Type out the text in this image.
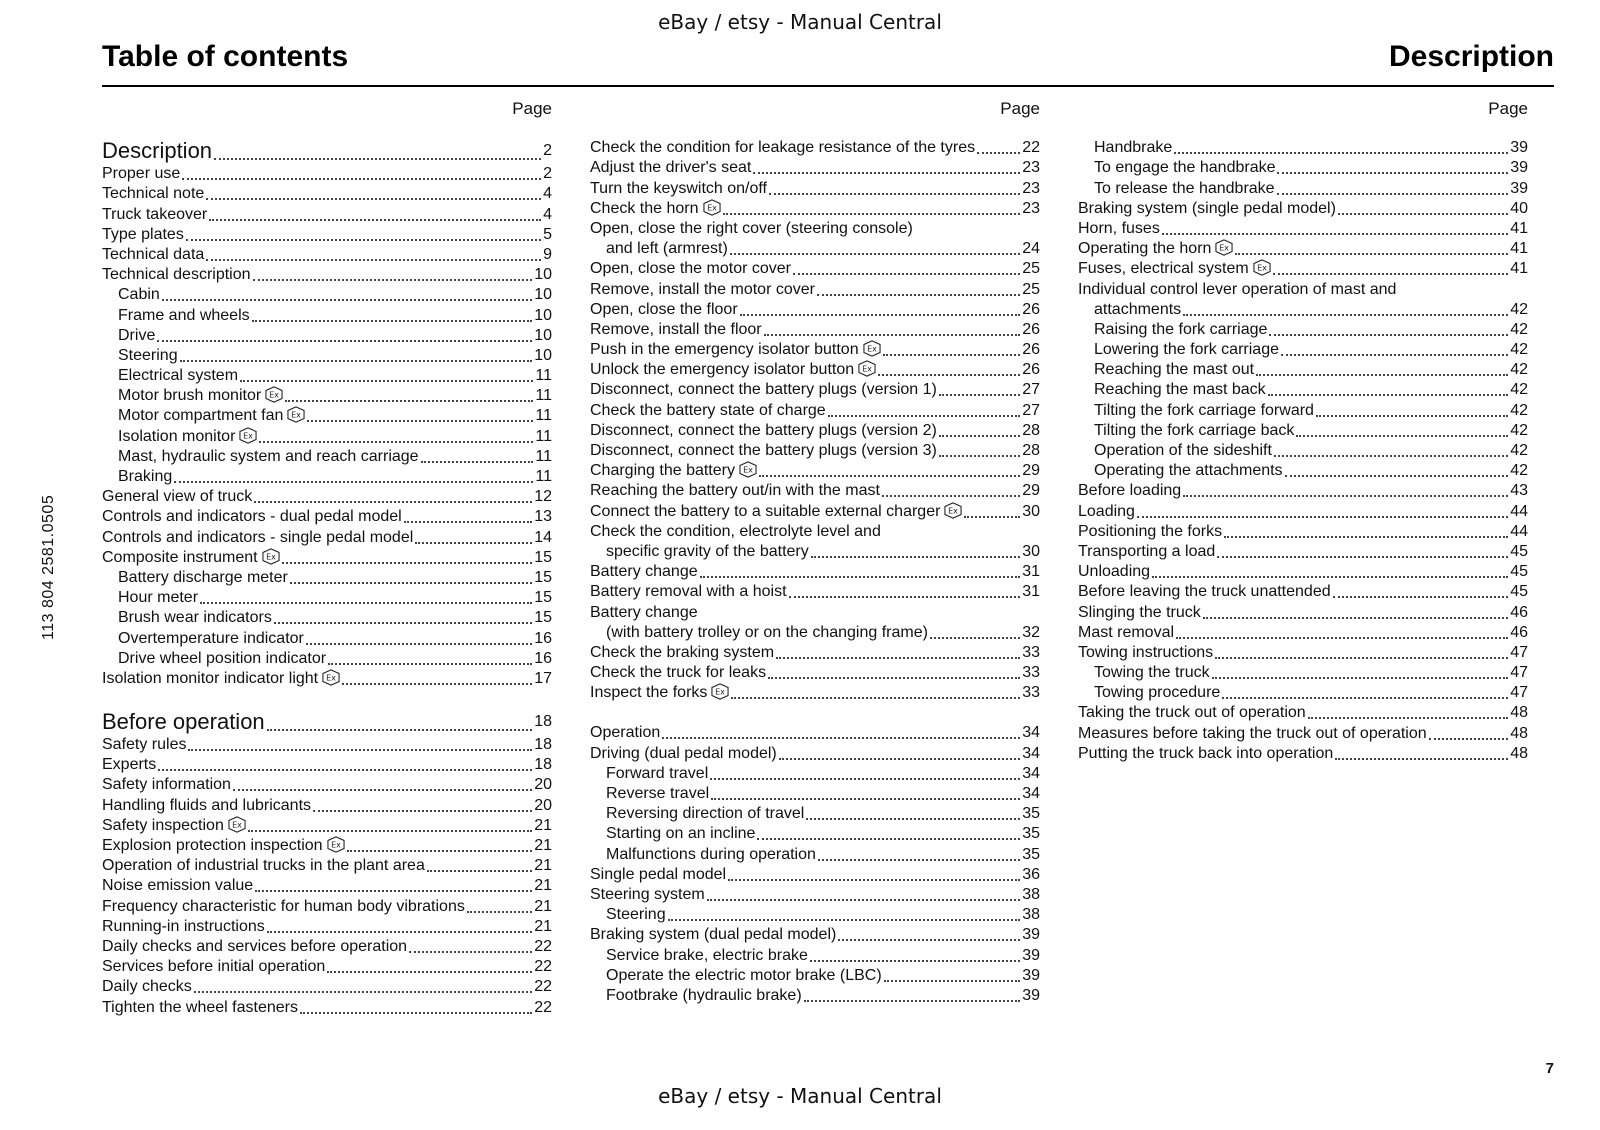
eBay / etsy - Manual Central
Table of contents	Description
113 804 2581.0505
Page
Description	2
Proper use	2
Technical note	4
Truck takeover	4
Type plates	5
Technical data	9
Technical description	10
Cabin	10
Frame and wheels	10
Drive	10
Steering	10
Electrical system	11
Motor brush monitor Ex	11
Motor compartment fan Ex	11
Isolation monitor Ex	11
Mast, hydraulic system and reach carriage	11
Braking	11
General view of truck	12
Controls and indicators - dual pedal model	13
Controls and indicators - single pedal model	14
Composite instrument Ex	15
Battery discharge meter	15
Hour meter	15
Brush wear indicators	15
Overtemperature indicator	16
Drive wheel position indicator	16
Isolation monitor indicator light Ex	17
Before operation	18
Safety rules	18
Experts	18
Safety information	20
Handling fluids and lubricants	20
Safety inspection Ex	21
Explosion protection inspection Ex	21
Operation of industrial trucks in the plant area	21
Noise emission value	21
Frequency characteristic for human body vibrations	21
Running-in instructions	21
Daily checks and services before operation	22
Services before initial operation	22
Daily checks	22
Tighten the wheel fasteners	22
Page
Check the condition for leakage resistance of the tyres	22
Adjust the driver's seat	23
Turn the keyswitch on/off	23
Check the horn Ex	23
Open, close the right cover (steering console)
and left (armrest)	24
Open, close the motor cover	25
Remove, install the motor cover	25
Open, close the floor	26
Remove, install the floor	26
Push in the emergency isolator button Ex	26
Unlock the emergency isolator button Ex	26
Disconnect, connect the battery plugs (version 1)	27
Check the battery state of charge	27
Disconnect, connect the battery plugs (version 2)	28
Disconnect, connect the battery plugs (version 3)	28
Charging the battery Ex	29
Reaching the battery out/in with the mast	29
Connect the battery to a suitable external charger Ex	30
Check the condition, electrolyte level and
specific gravity of the battery	30
Battery change	31
Battery removal with a hoist	31
Battery change
(with battery trolley or on the changing frame)	32
Check the braking system	33
Check the truck for leaks	33
Inspect the forks Ex	33
Operation	34
Driving (dual pedal model)	34
Forward travel	34
Reverse travel	34
Reversing direction of travel	35
Starting on an incline	35
Malfunctions during operation	35
Single pedal model	36
Steering system	38
Steering	38
Braking system (dual pedal model)	39
Service brake, electric brake	39
Operate the electric motor brake (LBC)	39
Footbrake (hydraulic brake)	39
Page
Handbrake	39
To engage the handbrake	39
To release the handbrake	39
Braking system (single pedal model)	40
Horn, fuses	41
Operating the horn Ex	41
Fuses, electrical system Ex	41
Individual control lever operation of mast and
attachments	42
Raising the fork carriage	42
Lowering the fork carriage	42
Reaching the mast out	42
Reaching the mast back	42
Tilting the fork carriage forward	42
Tilting the fork carriage back	42
Operation of the sideshift	42
Operating the attachments	42
Before loading	43
Loading	44
Positioning the forks	44
Transporting a load	45
Unloading	45
Before leaving the truck unattended	45
Slinging the truck	46
Mast removal	46
Towing instructions	47
Towing the truck	47
Towing procedure	47
Taking the truck out of operation	48
Measures before taking the truck out of operation	48
Putting the truck back into operation	48
7
eBay / etsy - Manual Central
